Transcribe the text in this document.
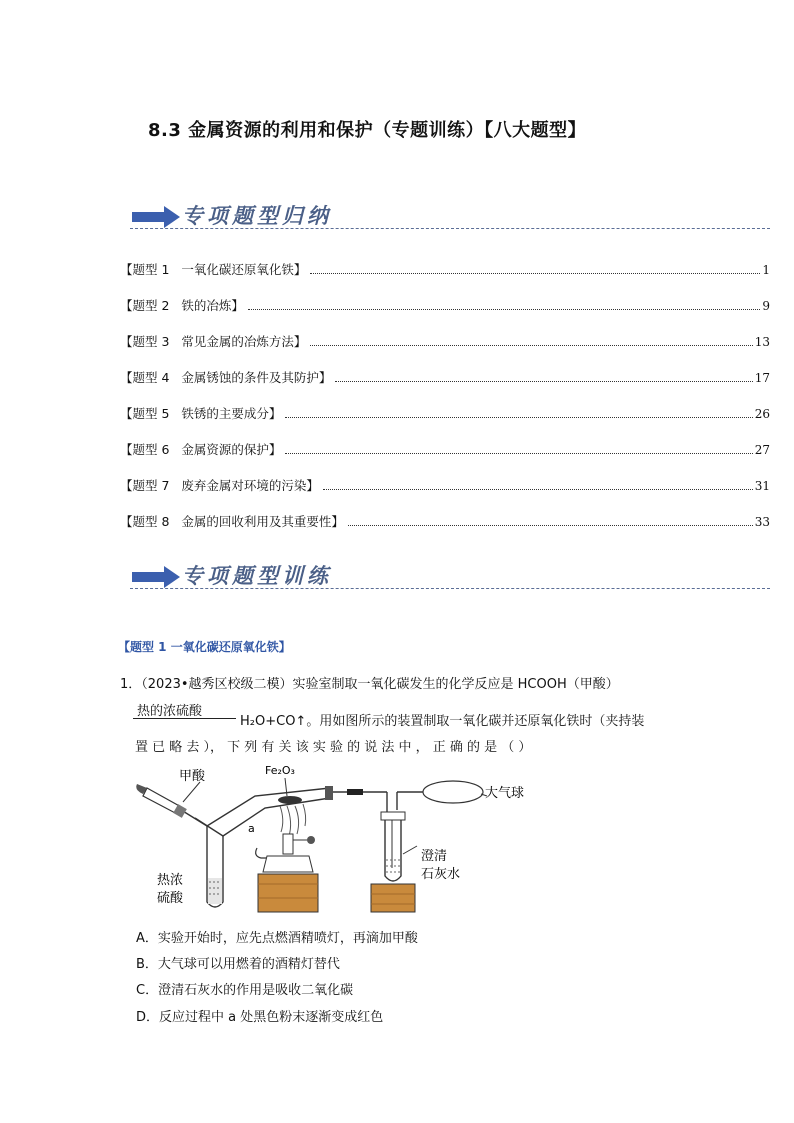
8.3 金属资源的利用和保护（专题训练）【八大题型】
专项题型归纳
【题型 1   一氧化碳还原氧化铁】	1
【题型 2   铁的冶炼】	9
【题型 3   常见金属的冶炼方法】	13
【题型 4   金属锈蚀的条件及其防护】	17
【题型 5   铁锈的主要成分】	26
【题型 6   金属资源的保护】	27
【题型 7   废弃金属对环境的污染】	31
【题型 8   金属的回收利用及其重要性】	33
专项题型训练
【题型 1 一氧化碳还原氧化铁】
1．（2023•越秀区校级二模）实验室制取一氧化碳发生的化学反应是 HCOOH（甲酸）
热的浓硫酸
H₂O+CO↑。用如图所示的装置制取一氧化碳并还原氧化铁时（夹持装
置 已 略 去 ）， 下 列 有 关 该 实 验 的 说 法 中 ， 正 确 的 是 （ ）
甲酸	Fe₂O₃
大气球
a
热浓
硫酸
澄清
石灰水
A．实验开始时，应先点燃酒精喷灯，再滴加甲酸
B．大气球可以用燃着的酒精灯替代
C．澄清石灰水的作用是吸收二氧化碳
D．反应过程中 a 处黑色粉末逐渐变成红色
